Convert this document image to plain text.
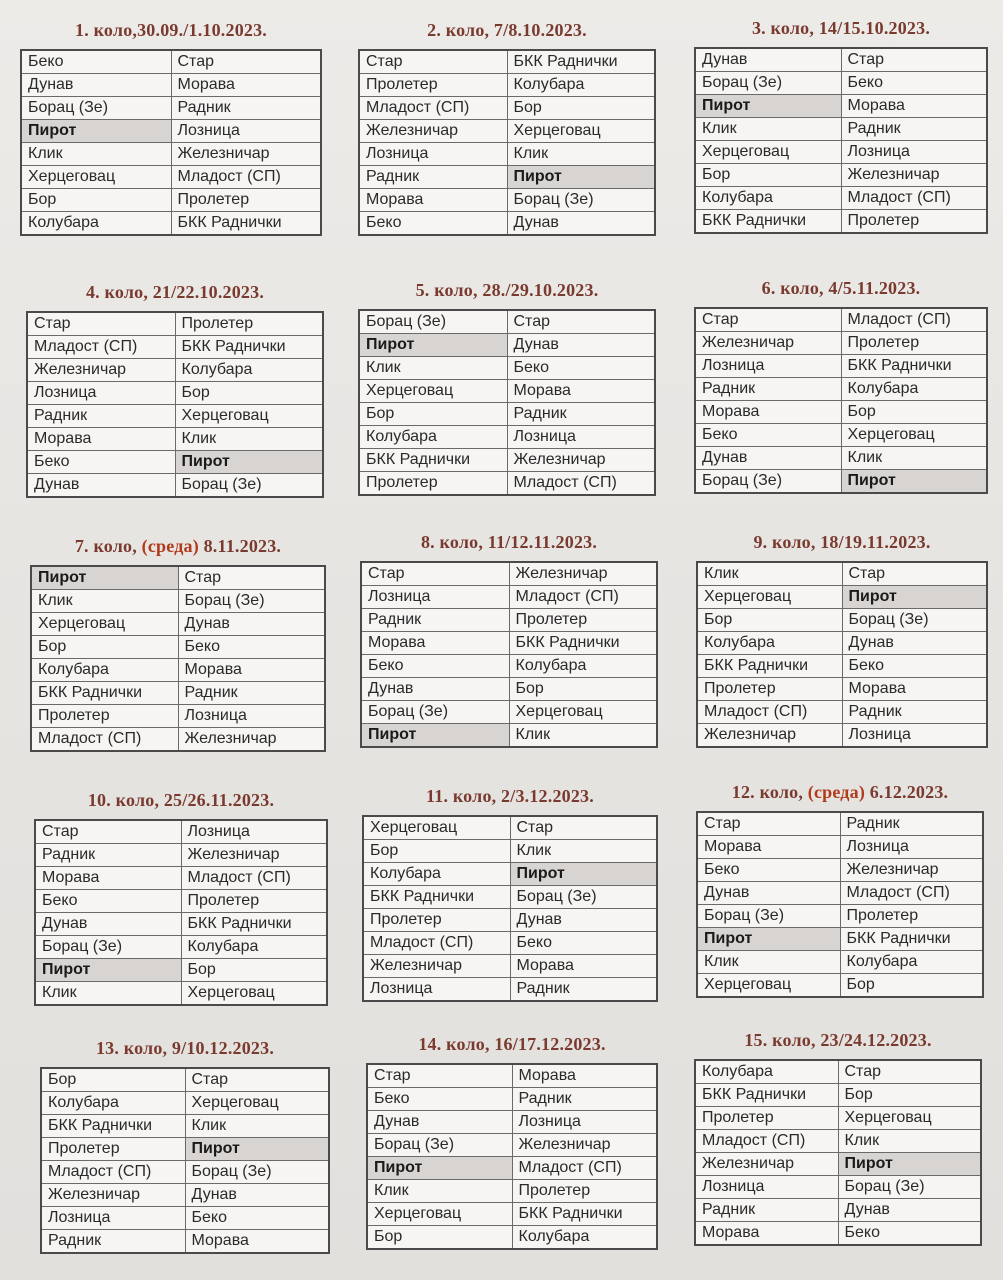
1. коло,30.09./1.10.2023.
Беко	Стар
Дунав	Морава
Борац (Зе)	Радник
Пирот	Лозница
Клик	Железничар
Херцеговац	Младост (СП)
Бор	Пролетер
Колубара	БКК Раднички
2. коло, 7/8.10.2023.
Стар	БКК Раднички
Пролетер	Колубара
Младост (СП)	Бор
Железничар	Херцеговац
Лозница	Клик
Радник	Пирот
Морава	Борац (Зе)
Беко	Дунав
3. коло, 14/15.10.2023.
Дунав	Стар
Борац (Зе)	Беко
Пирот	Морава
Клик	Радник
Херцеговац	Лозница
Бор	Железничар
Колубара	Младост (СП)
БКК Раднички	Пролетер
4. коло, 21/22.10.2023.
Стар	Пролетер
Младост (СП)	БКК Раднички
Железничар	Колубара
Лозница	Бор
Радник	Херцеговац
Морава	Клик
Беко	Пирот
Дунав	Борац (Зе)
5. коло, 28./29.10.2023.
Борац (Зе)	Стар
Пирот	Дунав
Клик	Беко
Херцеговац	Морава
Бор	Радник
Колубара	Лозница
БКК Раднички	Железничар
Пролетер	Младост (СП)
6. коло, 4/5.11.2023.
Стар	Младост (СП)
Железничар	Пролетер
Лозница	БКК Раднички
Радник	Колубара
Морава	Бор
Беко	Херцеговац
Дунав	Клик
Борац (Зе)	Пирот
7. коло, (среда) 8.11.2023.
Пирот	Стар
Клик	Борац (Зе)
Херцеговац	Дунав
Бор	Беко
Колубара	Морава
БКК Раднички	Радник
Пролетер	Лозница
Младост (СП)	Железничар
8. коло, 11/12.11.2023.
Стар	Железничар
Лозница	Младост (СП)
Радник	Пролетер
Морава	БКК Раднички
Беко	Колубара
Дунав	Бор
Борац (Зе)	Херцеговац
Пирот	Клик
9. коло, 18/19.11.2023.
Клик	Стар
Херцеговац	Пирот
Бор	Борац (Зе)
Колубара	Дунав
БКК Раднички	Беко
Пролетер	Морава
Младост (СП)	Радник
Железничар	Лозница
10. коло, 25/26.11.2023.
Стар	Лозница
Радник	Железничар
Морава	Младост (СП)
Беко	Пролетер
Дунав	БКК Раднички
Борац (Зе)	Колубара
Пирот	Бор
Клик	Херцеговац
11. коло, 2/3.12.2023.
Херцеговац	Стар
Бор	Клик
Колубара	Пирот
БКК Раднички	Борац (Зе)
Пролетер	Дунав
Младост (СП)	Беко
Железничар	Морава
Лозница	Радник
12. коло, (среда) 6.12.2023.
Стар	Радник
Морава	Лозница
Беко	Железничар
Дунав	Младост (СП)
Борац (Зе)	Пролетер
Пирот	БКК Раднички
Клик	Колубара
Херцеговац	Бор
13. коло, 9/10.12.2023.
Бор	Стар
Колубара	Херцеговац
БКК Раднички	Клик
Пролетер	Пирот
Младост (СП)	Борац (Зе)
Железничар	Дунав
Лозница	Беко
Радник	Морава
14. коло, 16/17.12.2023.
Стар	Морава
Беко	Радник
Дунав	Лозница
Борац (Зе)	Железничар
Пирот	Младост (СП)
Клик	Пролетер
Херцеговац	БКК Раднички
Бор	Колубара
15. коло, 23/24.12.2023.
Колубара	Стар
БКК Раднички	Бор
Пролетер	Херцеговац
Младост (СП)	Клик
Железничар	Пирот
Лозница	Борац (Зе)
Радник	Дунав
Морава	Беко
